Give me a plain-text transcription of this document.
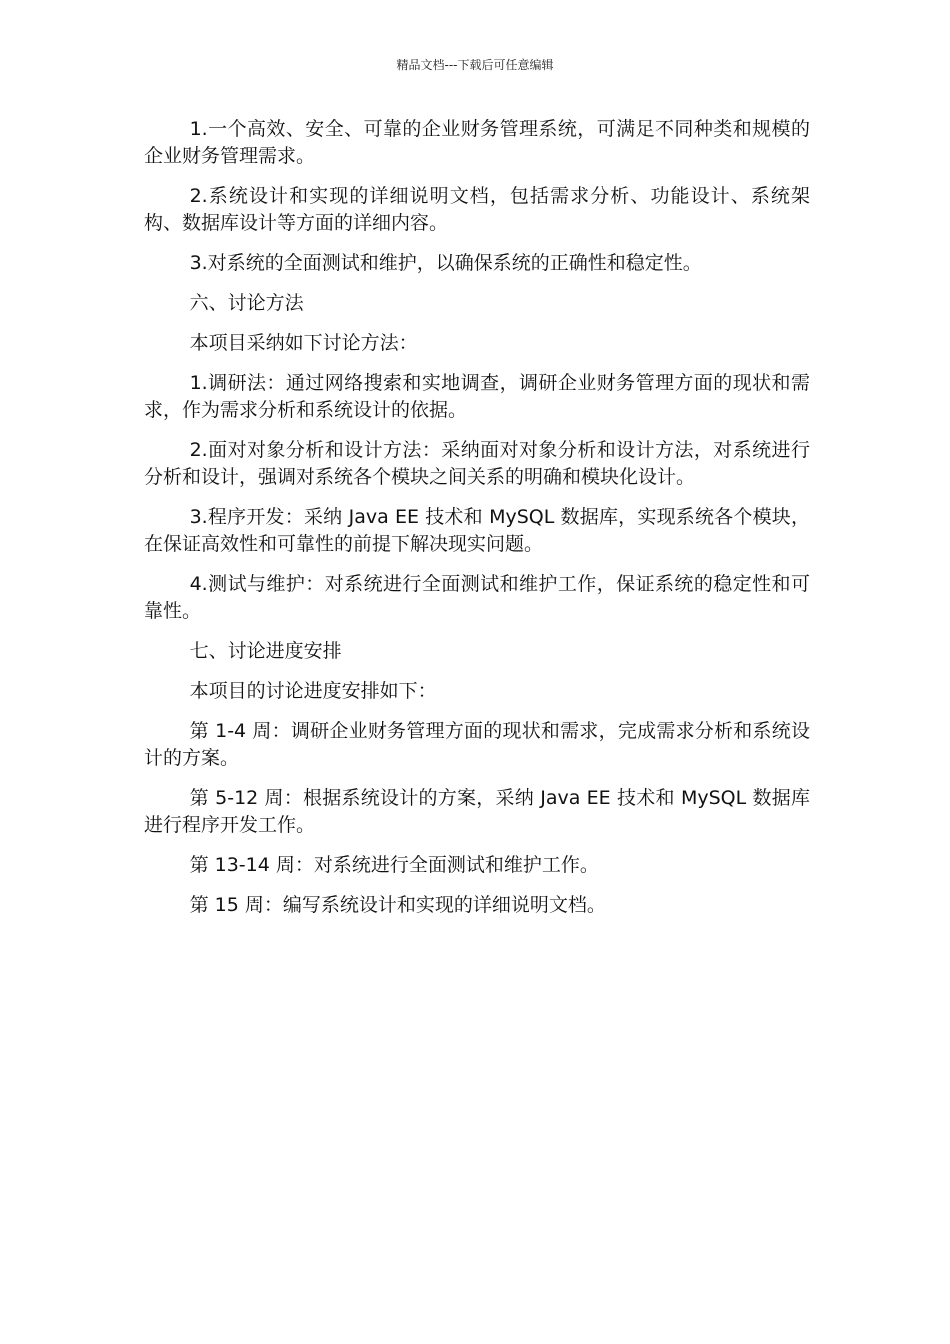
精品文档---下载后可任意编辑

1.一个高效、安全、可靠的企业财务管理系统，可满足不同种类和规模的企业财务管理需求。

2.系统设计和实现的详细说明文档，包括需求分析、功能设计、系统架构、数据库设计等方面的详细内容。

3.对系统的全面测试和维护，以确保系统的正确性和稳定性。

六、讨论方法

本项目采纳如下讨论方法：

1.调研法：通过网络搜索和实地调查，调研企业财务管理方面的现状和需求，作为需求分析和系统设计的依据。

2.面对对象分析和设计方法：采纳面对对象分析和设计方法，对系统进行分析和设计，强调对系统各个模块之间关系的明确和模块化设计。

3.程序开发：采纳 Java EE 技术和 MySQL 数据库，实现系统各个模块，在保证高效性和可靠性的前提下解决现实问题。

4.测试与维护：对系统进行全面测试和维护工作，保证系统的稳定性和可靠性。

七、讨论进度安排

本项目的讨论进度安排如下：

第 1-4 周：调研企业财务管理方面的现状和需求，完成需求分析和系统设计的方案。

第 5-12 周：根据系统设计的方案，采纳 Java EE 技术和 MySQL 数据库进行程序开发工作。

第 13-14 周：对系统进行全面测试和维护工作。

第 15 周：编写系统设计和实现的详细说明文档。
